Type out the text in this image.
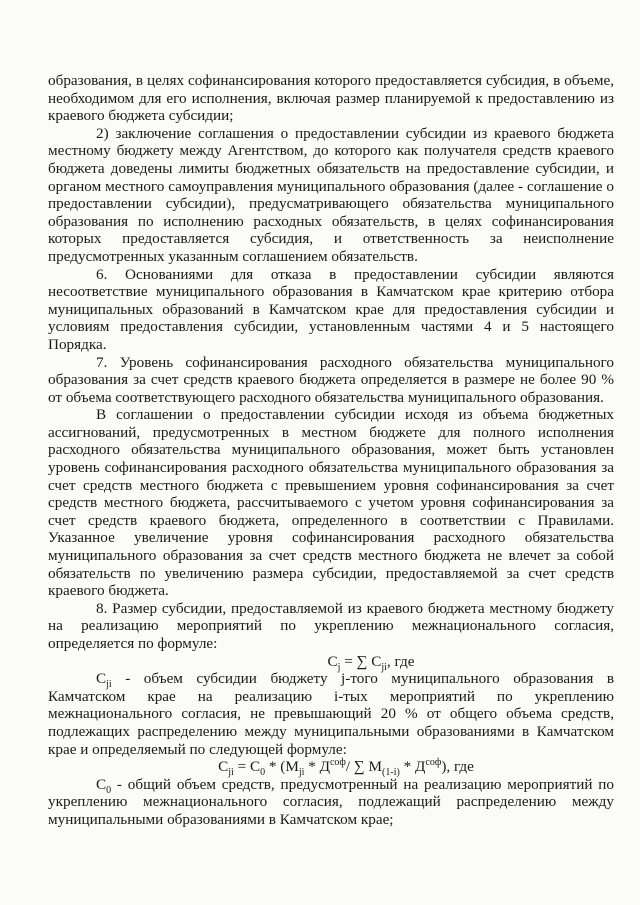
образования, в целях софинансирования которого предоставляется субсидия, в объеме, необходимом для его исполнения, включая размер планируемой к предоставлению из краевого бюджета субсидии;

2) заключение соглашения о предоставлении субсидии из краевого бюджета местному бюджету между Агентством, до которого как получателя средств краевого бюджета доведены лимиты бюджетных обязательств на предоставление субсидии, и органом местного самоуправления муниципального образования (далее - соглашение о предоставлении субсидии), предусматривающего обязательства муниципального образования по исполнению расходных обязательств, в целях софинансирования которых предоставляется субсидия, и ответственность за неисполнение предусмотренных указанным соглашением обязательств.

6. Основаниями для отказа в предоставлении субсидии являются несоответствие муниципального образования в Камчатском крае критерию отбора муниципальных образований в Камчатском крае для предоставления субсидии и условиям предоставления субсидии, установленным частями 4 и 5 настоящего Порядка.

7. Уровень софинансирования расходного обязательства муниципального образования за счет средств краевого бюджета определяется в размере не более 90 % от объема соответствующего расходного обязательства муниципального образования.

В соглашении о предоставлении субсидии исходя из объема бюджетных ассигнований, предусмотренных в местном бюджете для полного исполнения расходного обязательства муниципального образования, может быть установлен уровень софинансирования расходного обязательства муниципального образования за счет средств местного бюджета с превышением уровня софинансирования за счет средств местного бюджета, рассчитываемого с учетом уровня софинансирования за счет средств краевого бюджета, определенного в соответствии с Правилами. Указанное увеличение уровня софинансирования расходного обязательства муниципального образования за счет средств местного бюджета не влечет за собой обязательств по увеличению размера субсидии, предоставляемой за счет средств краевого бюджета.

8. Размер субсидии, предоставляемой из краевого бюджета местному бюджету на реализацию мероприятий по укреплению межнационального согласия, определяется по формуле:

$C_j$ = ∑ $C_{ji}$, где

$C_{ji}$ - объем субсидии бюджету j-того муниципального образования в Камчатском крае на реализацию i-тых мероприятий по укреплению межнационального согласия, не превышающий 20 % от общего объема средств, подлежащих распределению между муниципальными образованиями в Камчатском крае и определяемый по следующей формуле:

$C_{ji} = C_0 * (M_{ji} * Д^{соф}/$ ∑ $M_{(1-i)} * Д^{соф}$), где

$C_0$ - общий объем средств, предусмотренный на реализацию мероприятий по укреплению межнационального согласия, подлежащий распределению между муниципальными образованиями в Камчатском крае;
